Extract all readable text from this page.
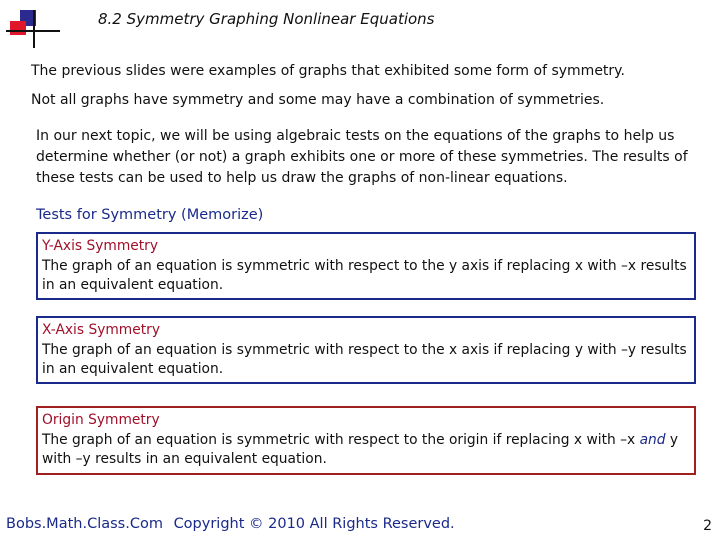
8.2 Symmetry Graphing Nonlinear Equations
The previous slides were examples of graphs that exhibited some form of symmetry.
Not all graphs have symmetry and some may have a combination of symmetries.
In our next topic, we will be using algebraic tests on the equations of the graphs to help us determine whether (or not) a graph exhibits one or more of these symmetries. The results of these tests can be used to help us draw the graphs of non-linear equations.
Tests for Symmetry (Memorize)
Y-Axis Symmetry
The graph of an equation is symmetric with respect to the y axis if replacing x with –x results in an equivalent equation.
X-Axis Symmetry
The graph of an equation is symmetric with respect to the x axis if replacing y with –y results in an equivalent equation.
Origin Symmetry
The graph of an equation is symmetric with respect to the origin if replacing x with –x and y with –y results in an equivalent equation.
Bobs.Math.Class.Com Copyright © 2010 All Rights Reserved.	2
